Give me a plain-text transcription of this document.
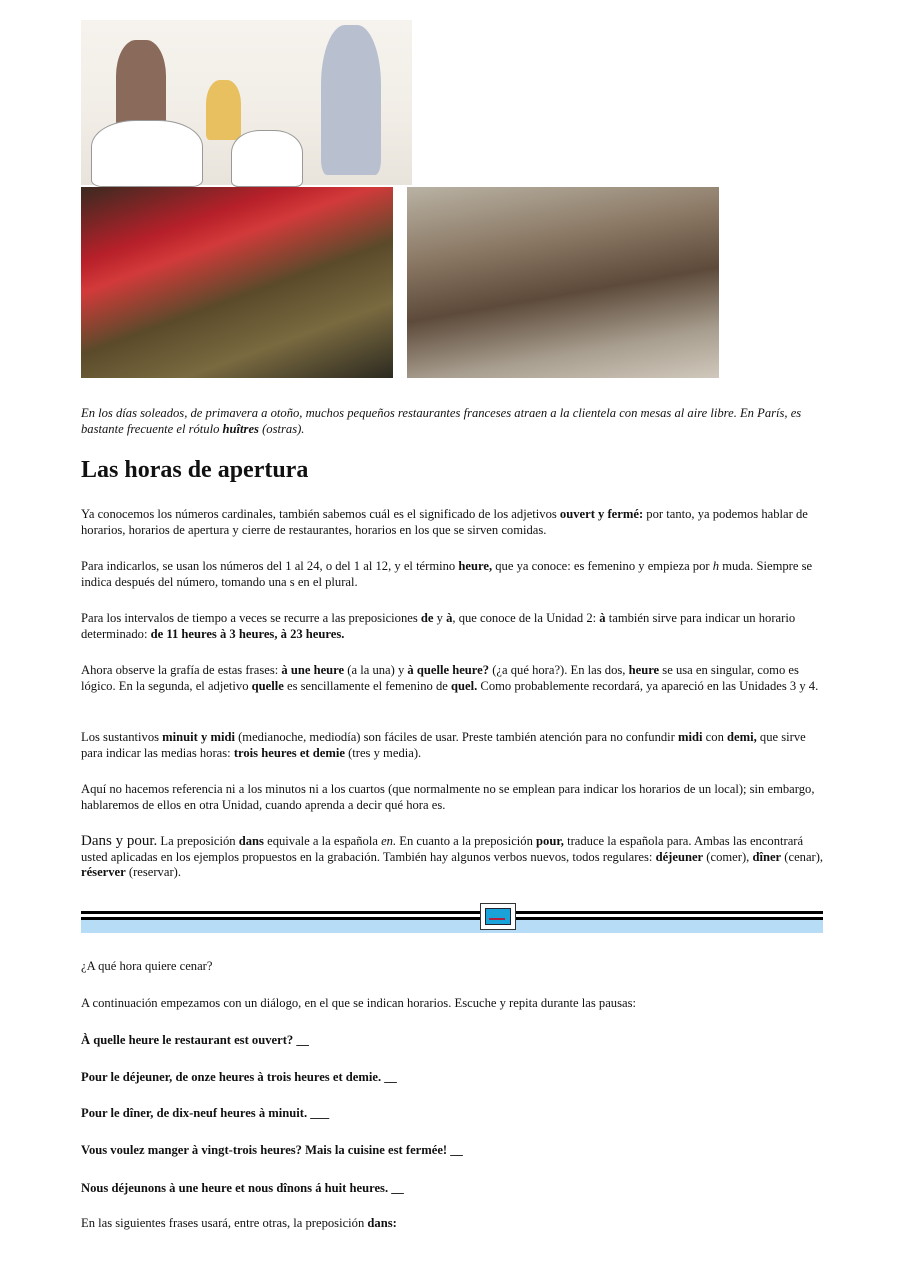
En los días soleados, de primavera a otoño, muchos pequeños restaurantes franceses atraen a la clientela con mesas al aire libre. En París, es bastante frecuente el rótulo huîtres (ostras).
Las horas de apertura
Ya conocemos los números cardinales, también sabemos cuál es el significado de los adjetivos ouvert y fermé: por tanto, ya podemos hablar de horarios, horarios de apertura y cierre de restaurantes, horarios en los que se sirven comidas.
Para indicarlos, se usan los números del 1 al 24, o del 1 al 12, y el término heure, que ya conoce: es femenino y empieza por h muda. Siempre se indica después del número, tomando una s en el plural.
Para los intervalos de tiempo a veces se recurre a las preposiciones de y à, que conoce de la Unidad 2: à también sirve para indicar un horario determinado: de 11 heures à 3 heures, à 23 heures.
Ahora observe la grafía de estas frases: à une heure (a la una) y à quelle heure? (¿a qué hora?). En las dos, heure se usa en singular, como es lógico. En la segunda, el adjetivo quelle es sencillamente el femenino de quel. Como probablemente recordará, ya apareció en las Unidades 3 y 4.
Los sustantivos minuit y midi (medianoche, mediodía) son fáciles de usar. Preste también atención para no confundir midi con demi, que sirve para indicar las medias horas: trois heures et demie (tres y media).
Aquí no hacemos referencia ni a los minutos ni a los cuartos (que normalmente no se emplean para indicar los horarios de un local); sin embargo, hablaremos de ellos en otra Unidad, cuando aprenda a decir qué hora es.
Dans y pour. La preposición dans equivale a la española en. En cuanto a la preposición pour, traduce la española para. Ambas las encontrará usted aplicadas en los ejemplos propuestos en la grabación. También hay algunos verbos nuevos, todos regulares: déjeuner (comer), dîner (cenar), réserver (reservar).
¿A qué hora quiere cenar?
A continuación empezamos con un diálogo, en el que se indican horarios. Escuche y repita durante las pausas:
À quelle heure le restaurant est ouvert? __
Pour le déjeuner, de onze heures à trois heures et demie. __
Pour le dîner, de dix-neuf heures à minuit. ___
Vous voulez manger à vingt-trois heures? Mais la cuisine est fermée! __
Nous déjeunons à une heure et nous dînons á huit heures. __
En las siguientes frases usará, entre otras, la preposición dans:
